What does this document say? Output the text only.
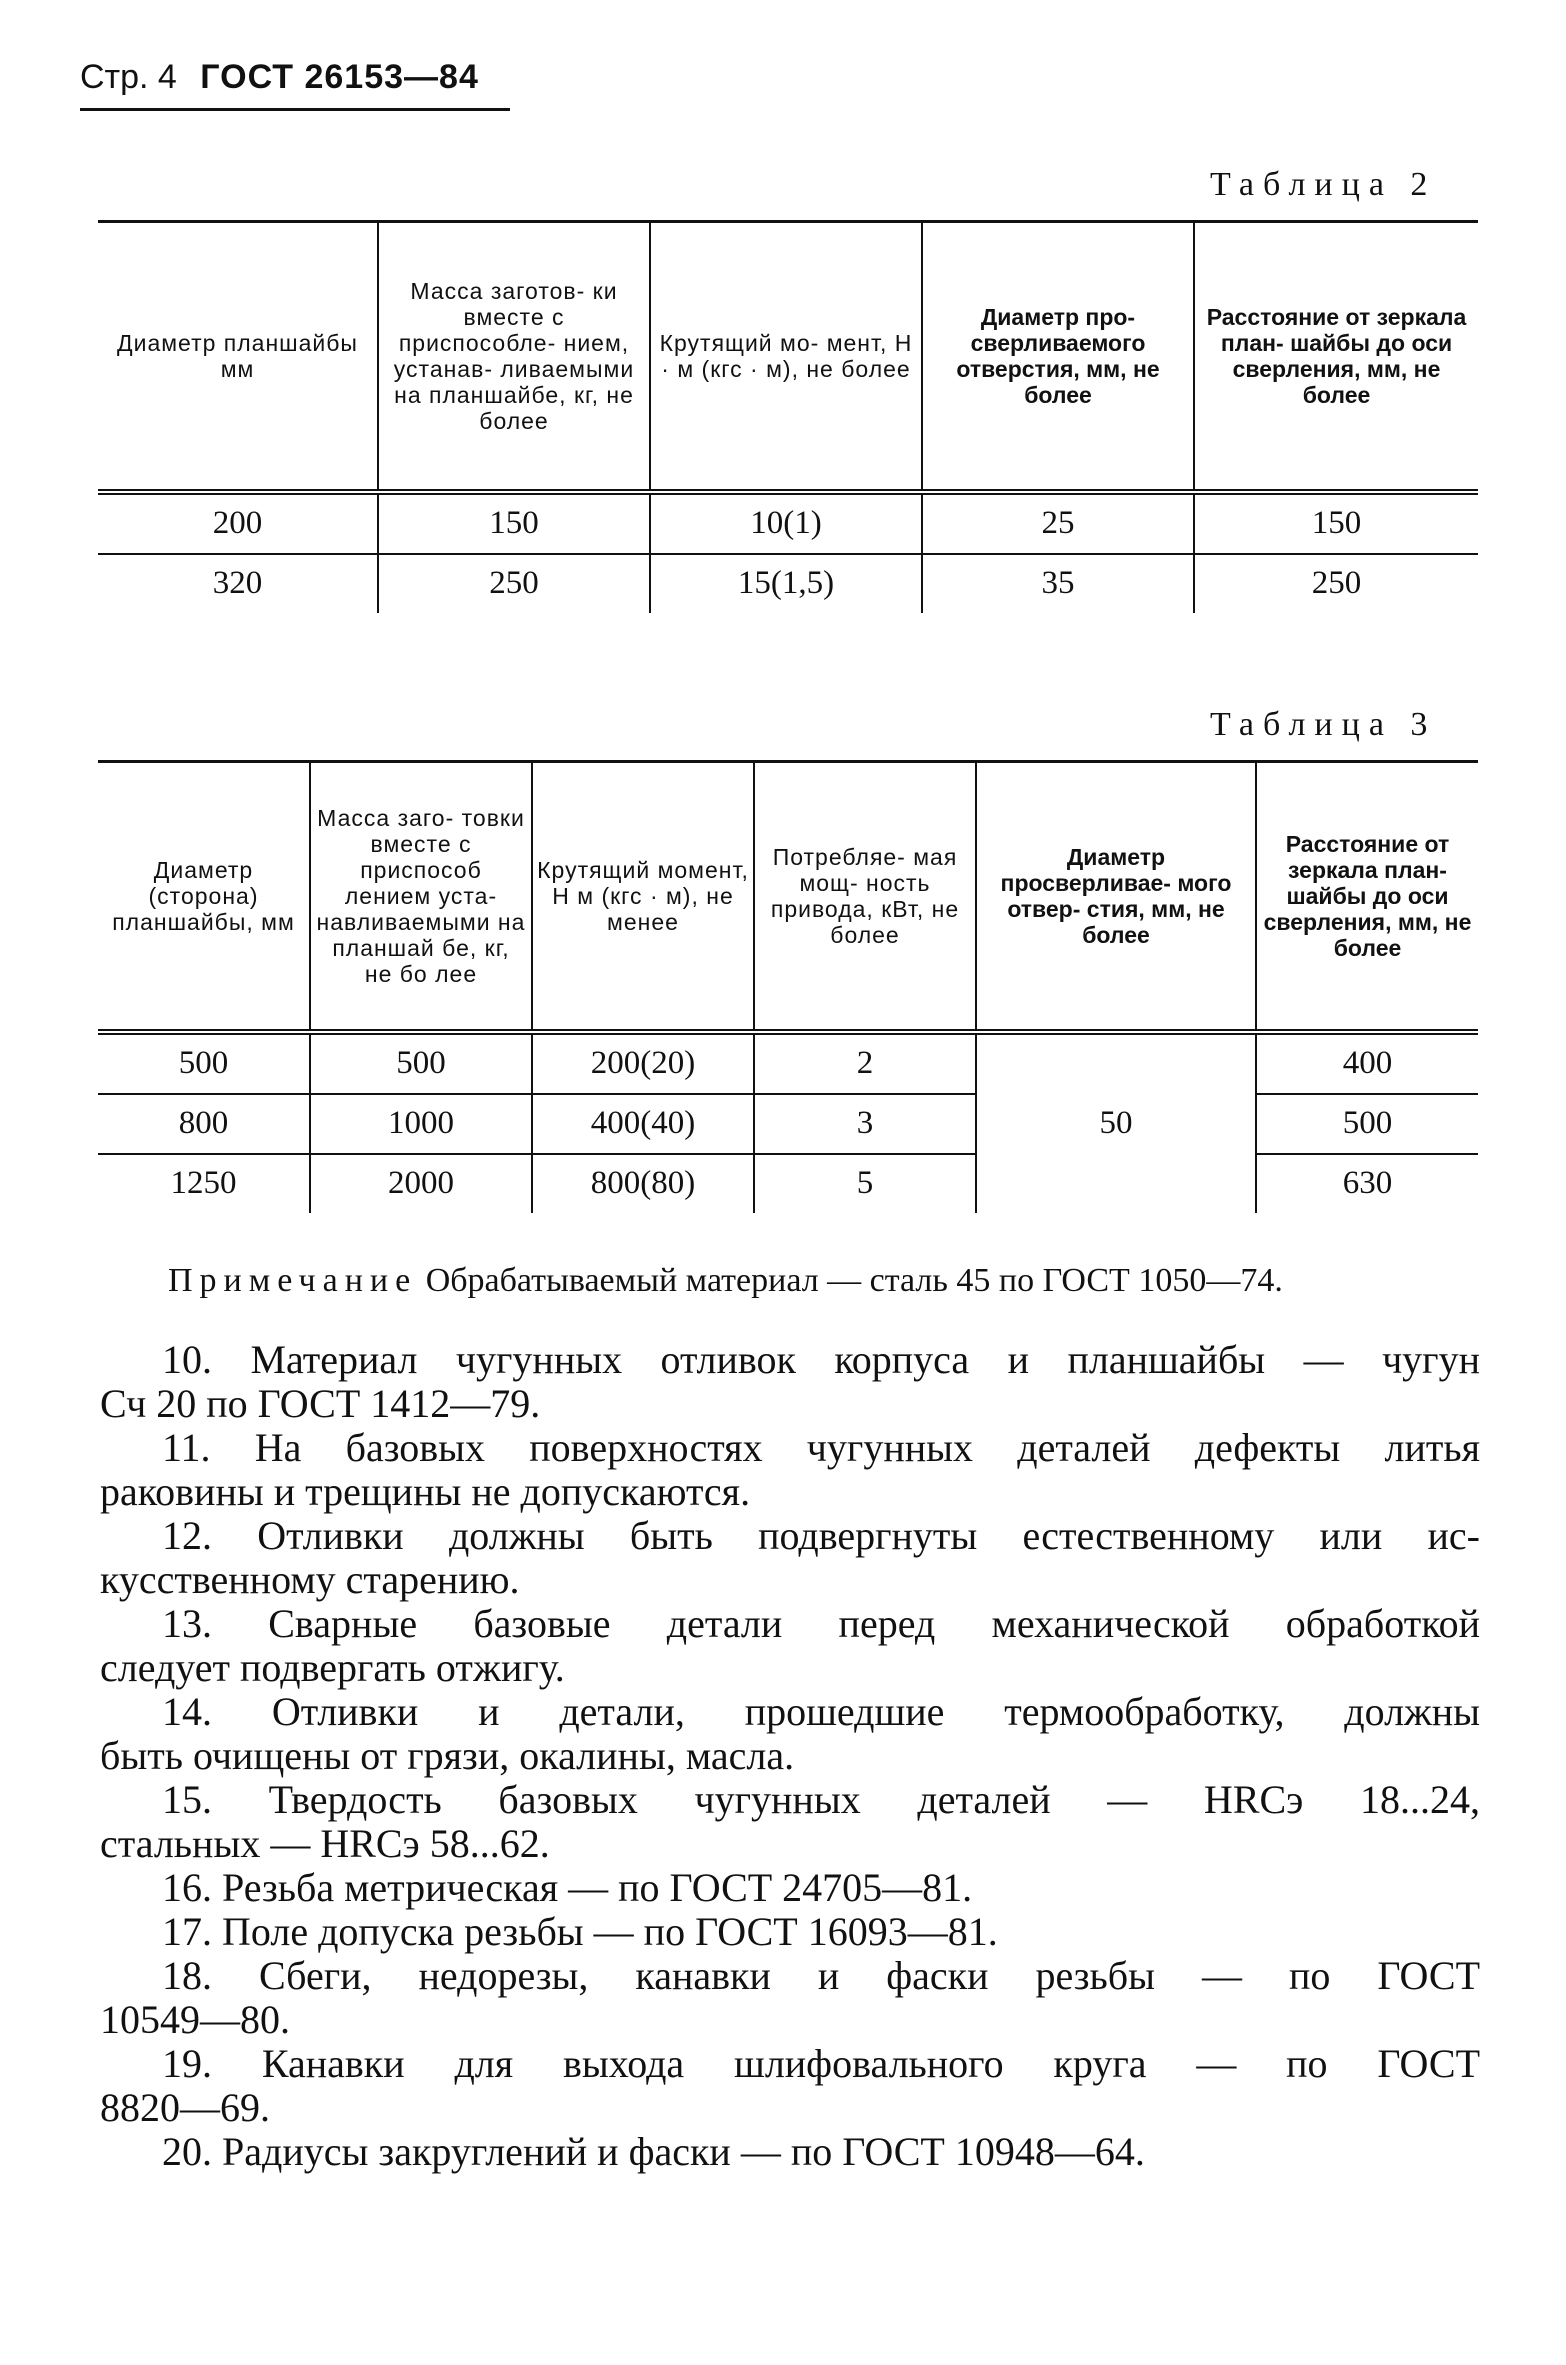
Стр. 4 ГОСТ 26153—84
Таблица 2
Диаметр планшайбы мм	Масса заготов- ки вместе с приспособле- нием, устанав- ливаемыми на планшайбе, кг, не более	Крутящий мо- мент, Н · м (кгс · м), не более	Диаметр про- сверливаемого отверстия, мм, не более	Расстояние от зеркала план- шайбы до оси сверления, мм, не более
200	150	10(1)	25	150
320	250	15(1,5)	35	250
Таблица 3
Диаметр (сторона) планшайбы, мм	Масса заго- товки вместе с приспособ лением уста- навливаемыми на планшай бе, кг, не бо лее	Крутящий момент, Н м (кгс · м), не менее	Потребляе- мая мощ- ность привода, кВт, не более	Диаметр просверливае- мого отвер- стия, мм, не более	Расстояние от зеркала план- шайбы до оси сверления, мм, не более
500	500	200(20)	2	50	400
800	1000	400(40)	3		500
1250	2000	800(80)	5		630
Примечание Обрабатываемый материал — сталь 45 по ГОСТ 1050—74.
10. Материал чугунных отливок корпуса и планшайбы — чугун
Сч 20 по ГОСТ 1412—79.
11. На базовых поверхностях чугунных деталей дефекты литья
раковины и трещины не допускаются.
12. Отливки должны быть подвергнуты естественному или ис-
кусственному старению.
13. Сварные базовые детали перед механической обработкой
следует подвергать отжигу.
14. Отливки и детали, прошедшие термообработку, должны
быть очищены от грязи, окалины, масла.
15. Твердость базовых чугунных деталей — HRCэ 18...24,
стальных — HRCэ 58...62.
16. Резьба метрическая — по ГОСТ 24705—81.
17. Поле допуска резьбы — по ГОСТ 16093—81.
18. Сбеги, недорезы, канавки и фаски резьбы — по ГОСТ
10549—80.
19. Канавки для выхода шлифовального круга — по ГОСТ
8820—69.
20. Радиусы закруглений и фаски — по ГОСТ 10948—64.
